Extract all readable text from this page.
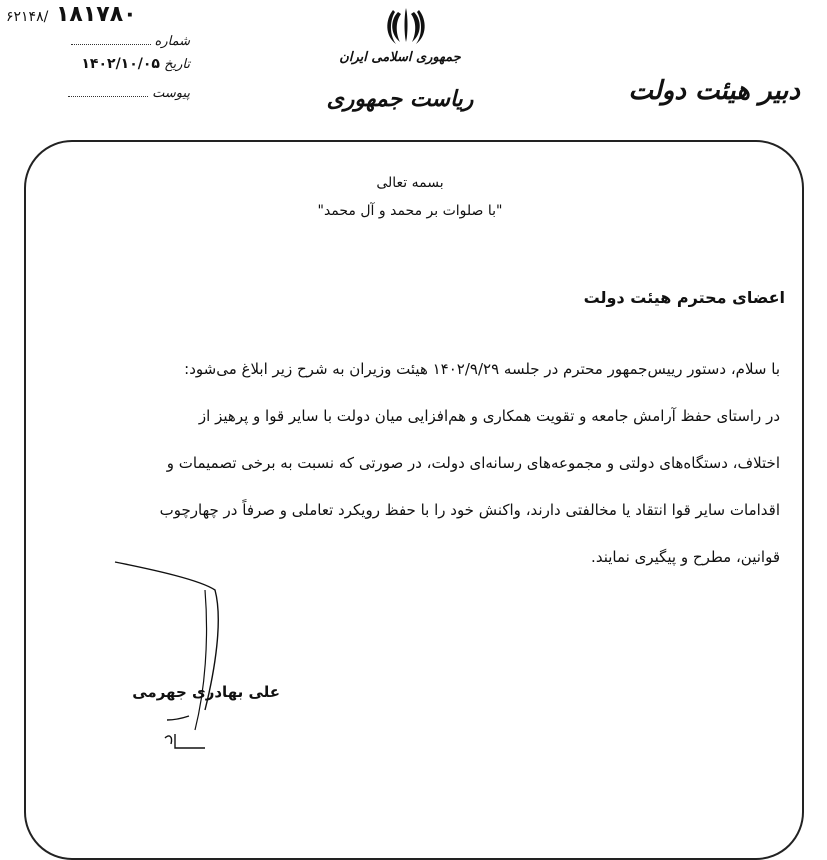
۶۲۱۴۸/ ۱۸۱۷۸۰
شماره
تاریخ ۱۴۰۲/۱۰/۰۵
پیوست
جمهوری اسلامی ایران
ریاست جمهوری	دبیر هیئت دولت
بسمه تعالی
"با صلوات بر محمد و آل محمد"
اعضای محترم هیئت دولت
با سلام، دستور رییس‌جمهور محترم در جلسه ۱۴۰۲/۹/۲۹ هیئت وزیران به شرح زیر ابلاغ می‌شود:
در راستای حفظ آرامش جامعه و تقویت همکاری و هم‌افزایی میان دولت با سایر قوا و پرهیز از
اختلاف، دستگاه‌های دولتی و مجموعه‌های رسانه‌ای دولت، در صورتی که نسبت به برخی تصمیمات و
اقدامات سایر قوا انتقاد یا مخالفتی دارند، واکنش خود را با حفظ رویکرد تعاملی و صرفاً در چهارچوب
قوانین، مطرح و پیگیری نمایند.
علی بهادری جهرمی
